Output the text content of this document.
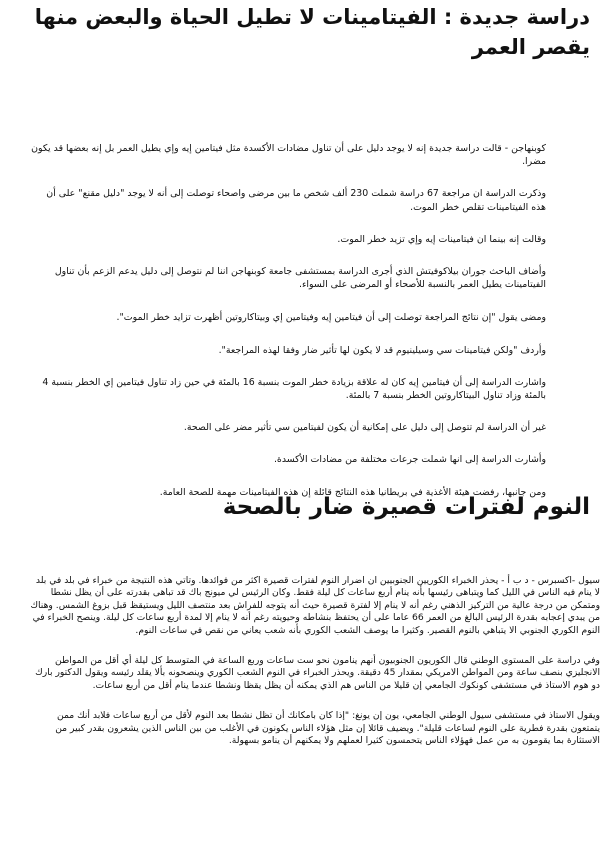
دراسة جديدة : الفيتامينات لا تطيل الحياة والبعض منها يقصر العمر

كوبنهاجن - قالت دراسة جديدة إنه لا يوجد دليل على أن تناول مضادات الأكسدة مثل فيتامين إيه وإي يطيل العمر بل إنه بعضها قد يكون مضرا.

وذكرت الدراسة ان مراجعة 67 دراسة شملت 230 ألف شخص ما بين مرضى واصحاء توصلت إلى أنه لا يوجد "دليل مقنع" على أن هذه الفيتامينات تقلص خطر الموت.

وقالت إنه بينما ان فيتامينات إيه وإي تزيد خطر الموت.

وأضاف الباحث جوران بيلاكوفيتش الذي أجرى الدراسة بمستشفى جامعة كوبنهاجن اننا لم نتوصل إلى دليل يدعم الزعم بأن تناول الفيتامينات يطيل العمر بالنسبة للأصحاء أو المرضى على السواء.

ومضى يقول "إن نتائج المراجعة توصلت إلى أن فيتامين إيه وفيتامين إي وبيتاكاروتين أظهرت تزايد خطر الموت".

وأردف "ولكن فيتامينات سي وسيلينيوم قد لا يكون لها تأثير ضار وفقا لهذه المراجعة".

واشارت الدراسة إلى أن فيتامين إيه كان له علاقة بزيادة خطر الموت بنسبة 16 بالمئة في حين زاد تناول فيتامين إي الخطر بنسبة 4 بالمئة وزاد تناول البيتاكاروتين الخطر بنسبة 7 بالمئة.

غير أن الدراسة لم تتوصل إلى دليل على إمكانية أن يكون لفيتامين سي تأثير مضر على الصحة.

وأشارت الدراسة إلى انها شملت جرعات مختلفة من مضادات الأكسدة.

ومن جانبها، رفضت هيئة الأغذية في بريطانيا هذه النتائج قائلة إن هذه الفيتامينات مهمة للصحة العامة.

النوم لفترات قصيرة ضار بالصحة

سيول -اكسبرس - د ب أ - يحذر الخبراء الكوريين الجنوبيين ان اضرار النوم لفترات قصيرة اكثر من فوائدها. وتاتي هذه النتيجة من خبراء في بلد في بلد لا ينام فيه الناس في الليل كما ويتباهى رئيسها بأنه ينام أربع ساعات كل ليلة فقط. وكان الرئيس لي ميونج باك قد تباهى بقدرته على أن يظل نشطا ومتمكن من درجة عالية من التركيز الذهني رغم أنه لا ينام إلا لفترة قصيرة حيث أنه يتوجه للفراش بعد منتصف الليل ويستيقظ قبل بزوغ الشمس. وهناك من يبدي إعجابه بقدرة الرئيس البالغ من العمر 66 عاما على أن يحتفظ بنشاطه وحيويته رغم أنه لا ينام إلا لمدة أربع ساعات كل ليلة. وينصح الخبراء في النوم الكوري الجنوبي الا يتباهي بالنوم القصير. وكثيرا ما يوصف الشعب الكوري بأنه شعب يعاني من نقص في ساعات النوم.

وفي دراسة على المستوى الوطني قال الكوريون الجنوبيون أنهم ينامون نحو ست ساعات وربع الساعة في المتوسط كل ليلة أي أقل من المواطن الانجليزي بنصف ساعة ومن المواطن الامريكي بمقدار 45 دقيقة. ويحذر الخبراء في النوم الشعب الكوري وينصحونه بألا يقلد رئيسه ويقول الدكتور بارك دو هوم الاستاذ في مستشفى كونكوك الجامعي إن قليلا من الناس هم الذي يمكنه أن يظل يقظا ونشطا عندما ينام أقل من أربع ساعات.

ويقول الاستاذ في مستشفى سيول الوطني الجامعي، يون إن يونغ: "إذا كان بامكانك أن تظل نشطا بعد النوم لأقل من أربع ساعات فلابد أنك ممن يتمتعون بقدرة فطرية على النوم لساعات قليلة". ويضيف قائلا إن مثل هؤلاء الناس يكونون في الأغلب من بين الناس الذين يشعرون بقدر كبير من الاستثارة بما يقومون به من عمل فهؤلاء الناس يتحمسون كثيرا لعملهم ولا يمكنهم أن ينامو بسهولة.
